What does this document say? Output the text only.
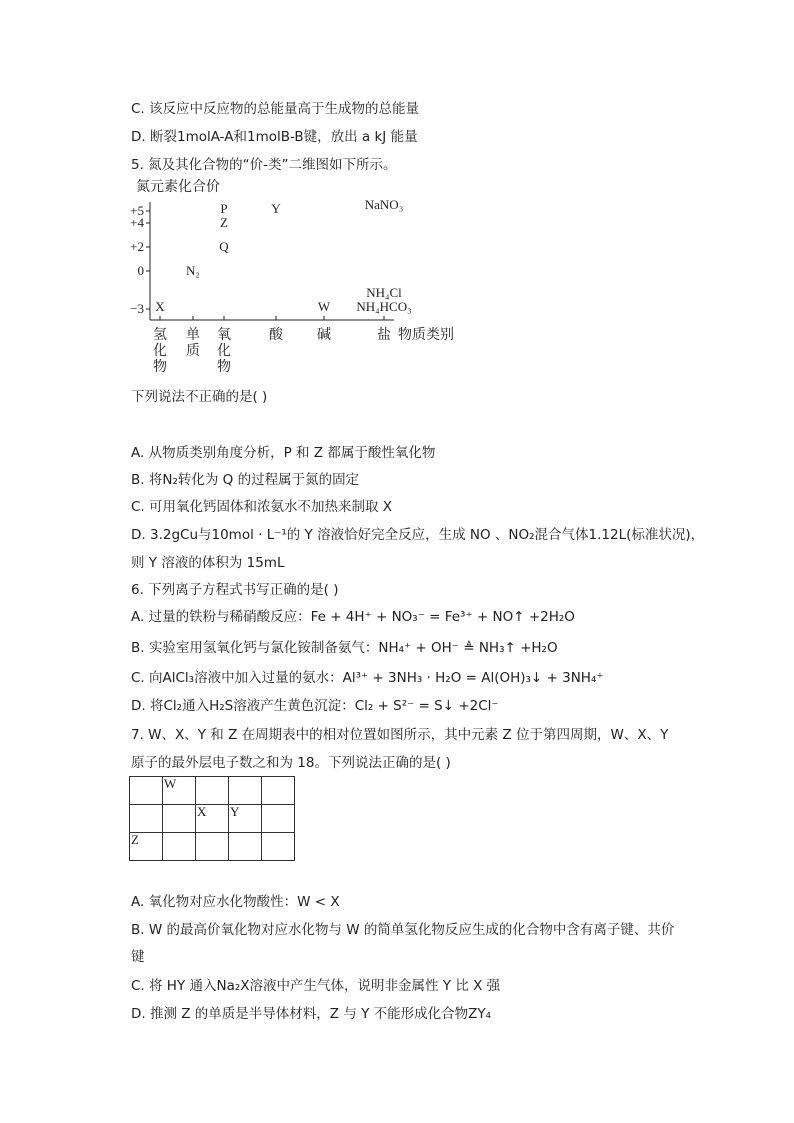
C. 该反应中反应物的总能量高于生成物的总能量
D. 断裂1molA-A和1molB-B键，放出 a kJ 能量
5. 氮及其化合物的“价-类”二维图如下所示。
氮元素化合价
+5
+4
+2
0
−3
氢化物
单质
氧化物
酸 碱	盐
X
N₂
P
Z
Q
Y
W
NaNO₃
NH₄Cl
NH₄HCO₃
物质类别
下列说法不正确的是( )
A. 从物质类别角度分析，P 和 Z 都属于酸性氧化物
B. 将N₂转化为 Q 的过程属于氮的固定
C. 可用氧化钙固体和浓氨水不加热来制取 X
D. 3.2gCu与10mol · L⁻¹的 Y 溶液恰好完全反应，生成 NO 、NO₂混合气体1.12L(标准状况)，
则 Y 溶液的体积为 15mL
6. 下列离子方程式书写正确的是( )
A. 过量的铁粉与稀硝酸反应：Fe + 4H⁺ + NO₃⁻ = Fe³⁺ + NO↑ +2H₂O
B. 实验室用氢氧化钙与氯化铵制备氨气：NH₄⁺ + OH⁻ ≜ NH₃↑ +H₂O
C. 向AlCl₃溶液中加入过量的氨水：Al³⁺ + 3NH₃ · H₂O = Al(OH)₃↓ + 3NH₄⁺
D. 将Cl₂通入H₂S溶液产生黄色沉淀：Cl₂ + S²⁻ = S↓ +2Cl⁻
7. W、X、Y 和 Z 在周期表中的相对位置如图所示，其中元素 Z 位于第四周期，W、X、Y
原子的最外层电子数之和为 18。下列说法正确的是( )
	W			
		X	Y	
Z				
A. 氧化物对应水化物酸性：W < X
B. W 的最高价氧化物对应水化物与 W 的简单氢化物反应生成的化合物中含有离子键、共价
键
C. 将 HY 通入Na₂X溶液中产生气体，说明非金属性 Y 比 X 强
D. 推测 Z 的单质是半导体材料，Z 与 Y 不能形成化合物ZY₄
